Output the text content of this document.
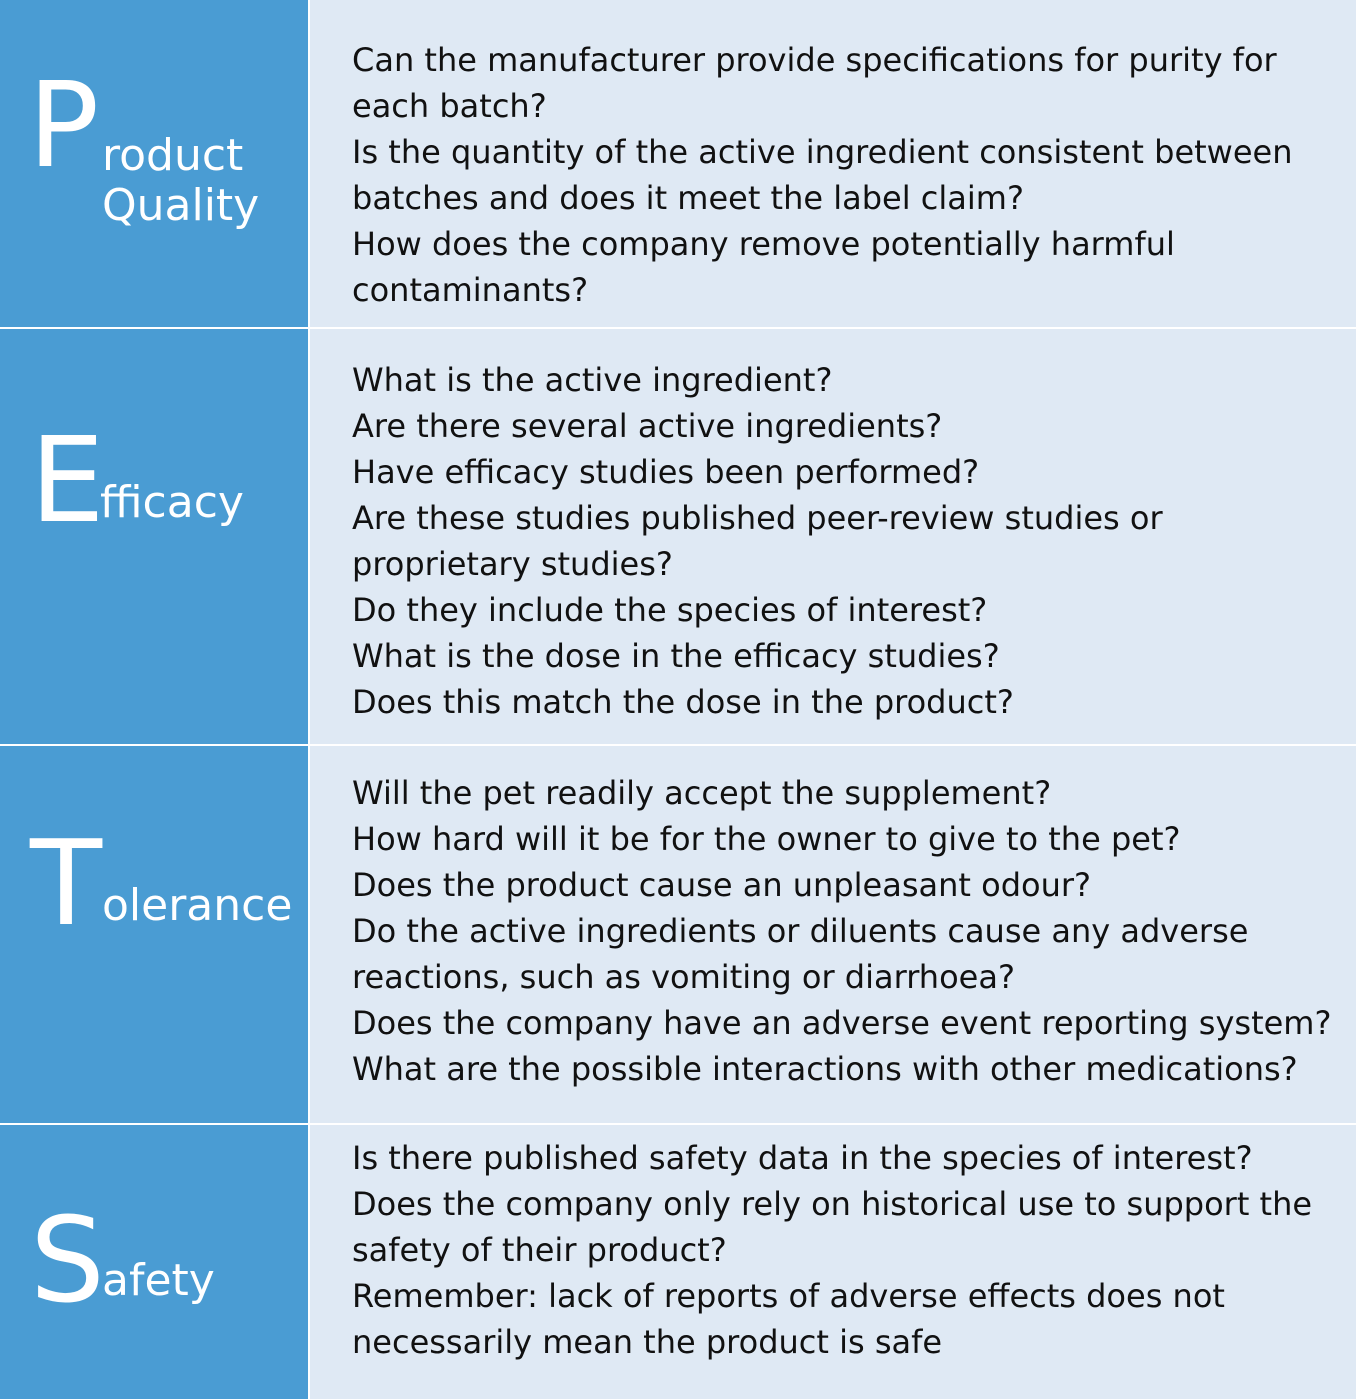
P roduct
Quality
Can the manufacturer provide specifications for purity for
each batch?
Is the quantity of the active ingredient consistent between
batches and does it meet the label claim?
How does the company remove potentially harmful
contaminants?
E
fficacy
What is the active ingredient?
Are there several active ingredients?
Have efficacy studies been performed?
Are these studies published peer-review studies or
proprietary studies?
Do they include the species of interest?
What is the dose in the efficacy studies?
Does this match the dose in the product?
T olerance
Will the pet readily accept the supplement?
How hard will it be for the owner to give to the pet?
Does the product cause an unpleasant odour?
Do the active ingredients or diluents cause any adverse
reactions, such as vomiting or diarrhoea?
Does the company have an adverse event reporting system?
What are the possible interactions with other medications?
S afety
Is there published safety data in the species of interest?
Does the company only rely on historical use to support the
safety of their product?
Remember: lack of reports of adverse effects does not
necessarily mean the product is safe
